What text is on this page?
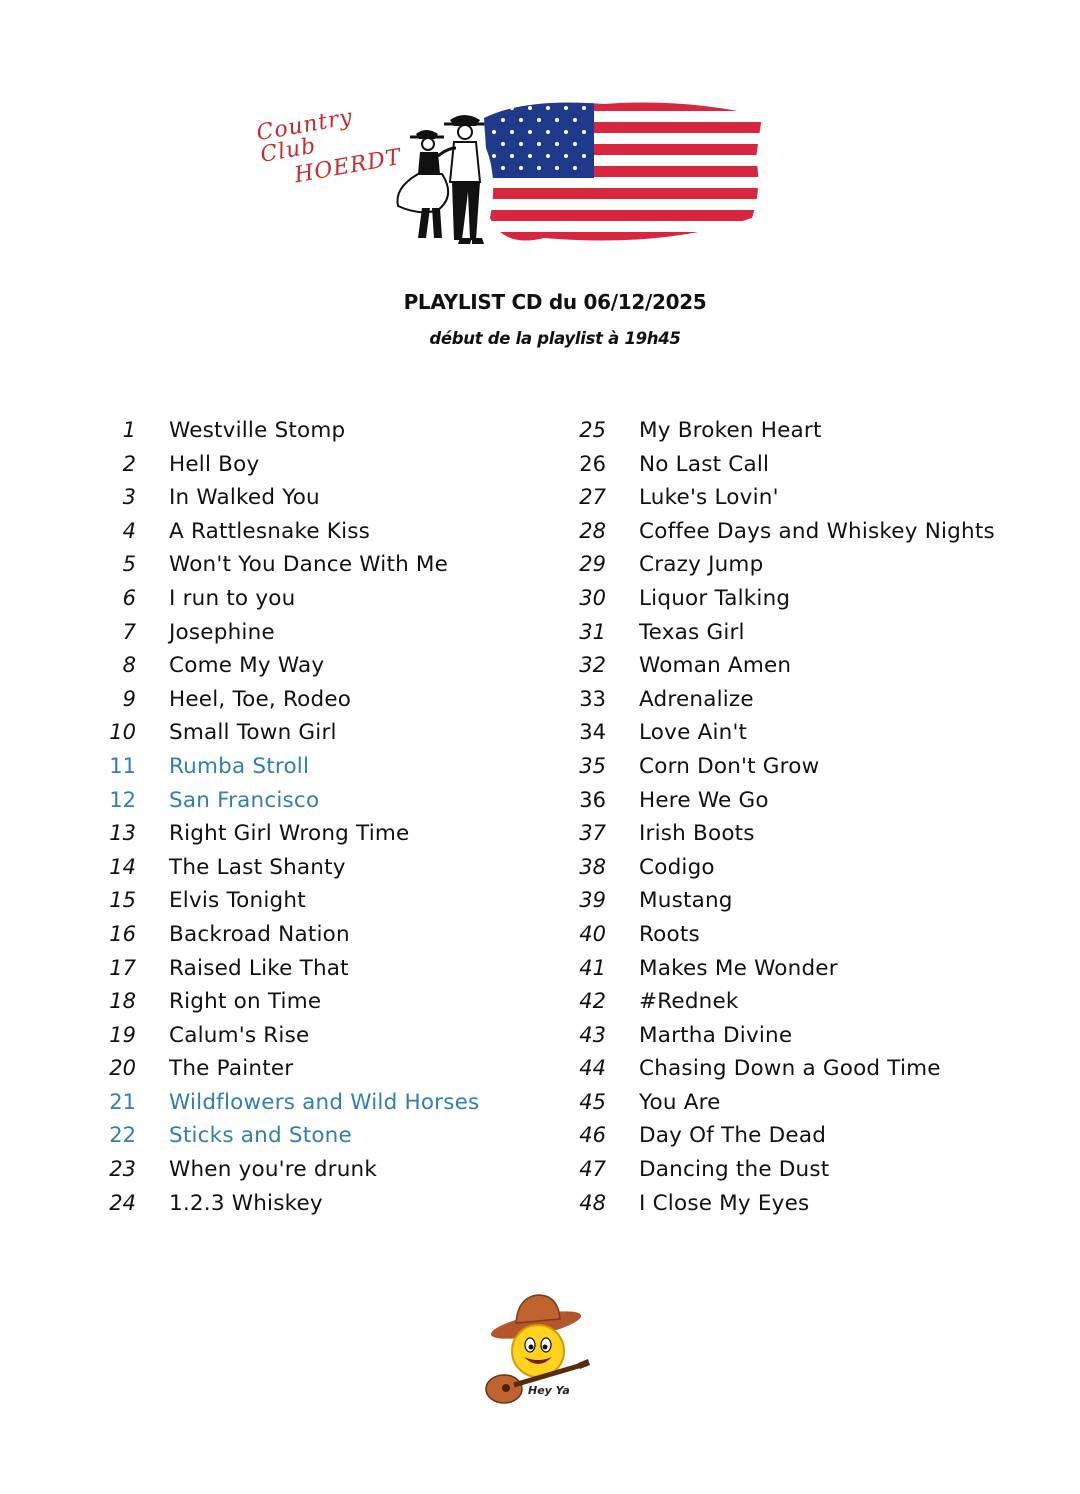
Country Club
HOERDT
PLAYLIST CD du 06/12/2025
début de la playlist à 19h45
1 Westville Stomp
2 Hell Boy
3 In Walked You
4 A Rattlesnake Kiss
5 Won't You Dance With Me
6 I run to you
7 Josephine
8 Come My Way
9 Heel, Toe, Rodeo
10 Small Town Girl
11 Rumba Stroll
12 San Francisco
13 Right Girl Wrong Time
14 The Last Shanty
15 Elvis Tonight
16 Backroad Nation
17 Raised Like That
18 Right on Time
19 Calum's Rise
20 The Painter
21 Wildflowers and Wild Horses
22 Sticks and Stone
23 When you're drunk
24 1.2.3 Whiskey
25 My Broken Heart
26 No Last Call
27 Luke's Lovin'
28 Coffee Days and Whiskey Nights
29 Crazy Jump
30 Liquor Talking
31 Texas Girl
32 Woman Amen
33 Adrenalize
34 Love Ain't
35 Corn Don't Grow
36 Here We Go
37 Irish Boots
38 Codigo
39 Mustang
40 Roots
41 Makes Me Wonder
42 #Rednek
43 Martha Divine
44 Chasing Down a Good Time
45 You Are
46 Day Of The Dead
47 Dancing the Dust
48 I Close My Eyes
Hey Ya
